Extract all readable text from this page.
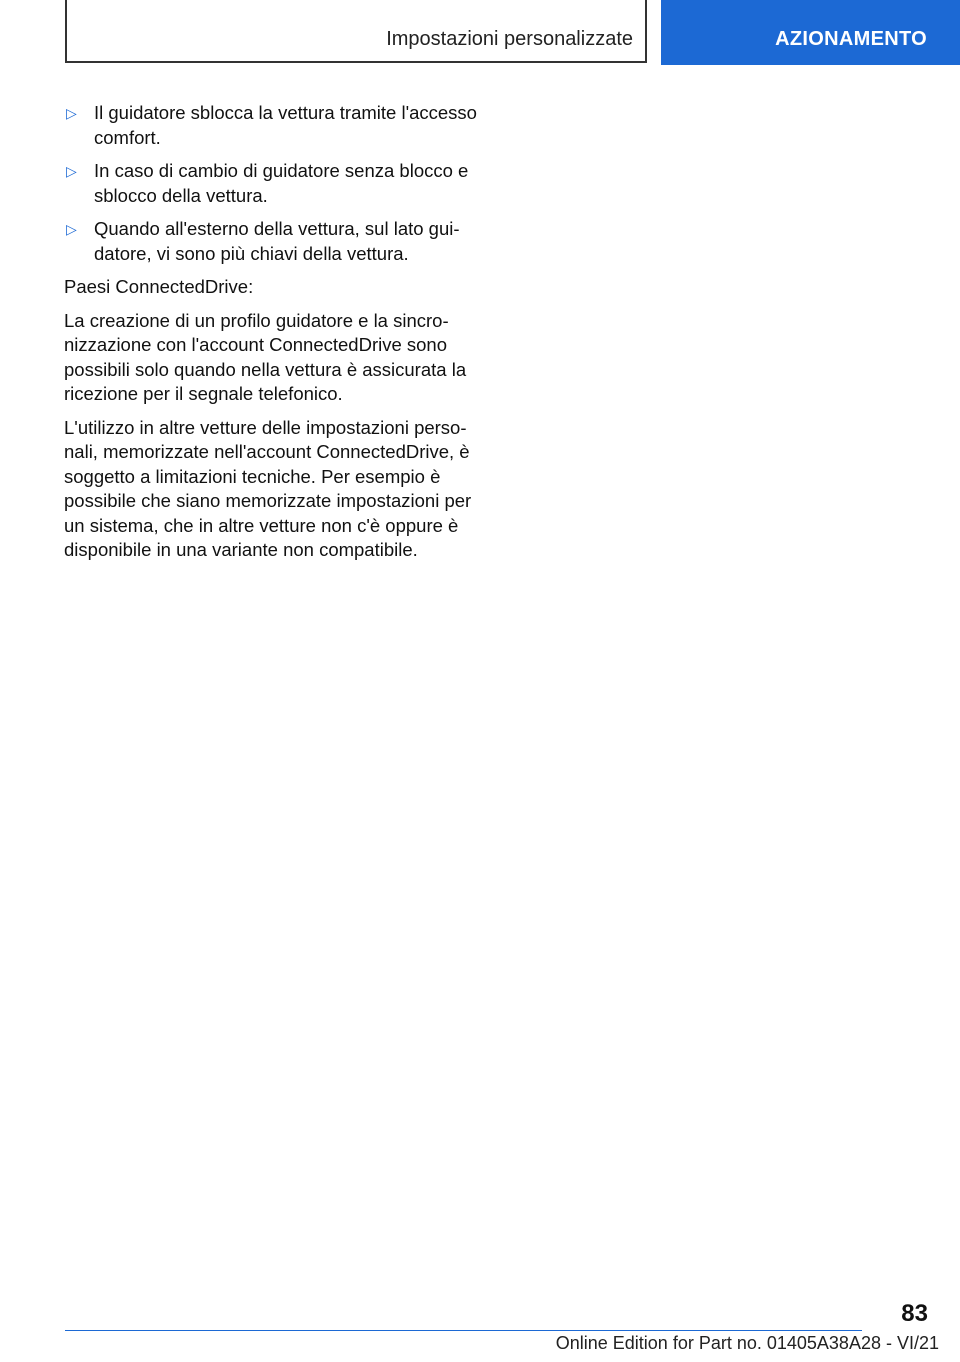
Impostazioni personalizzate	AZIONAMENTO
▷ Il guidatore sblocca la vettura tramite l'accesso comfort.
▷ In caso di cambio di guidatore senza blocco e sblocco della vettura.
▷ Quando all'esterno della vettura, sul lato guidatore, vi sono più chiavi della vettura.

Paesi ConnectedDrive:

La creazione di un profilo guidatore e la sincronizzazione con l'account ConnectedDrive sono possibili solo quando nella vettura è assicurata la ricezione per il segnale telefonico.

L'utilizzo in altre vetture delle impostazioni personali, memorizzate nell'account ConnectedDrive, è soggetto a limitazioni tecniche. Per esempio è possibile che siano memorizzate impostazioni per un sistema, che in altre vetture non c'è oppure è disponibile in una variante non compatibile.

83
Online Edition for Part no. 01405A38A28 - VI/21
